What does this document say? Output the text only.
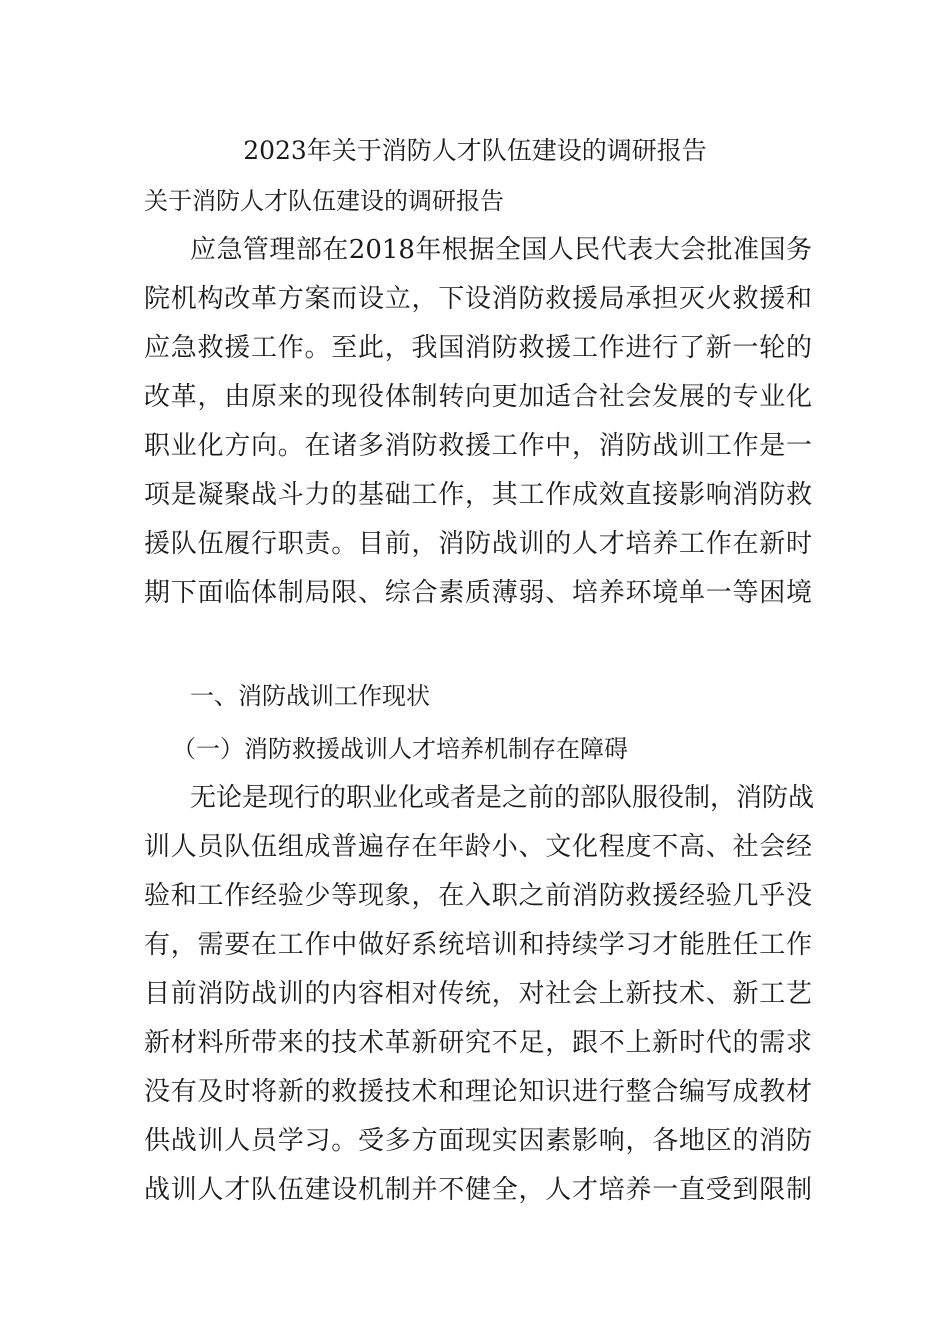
2023年关于消防人才队伍建设的调研报告
关于消防人才队伍建设的调研报告
应急管理部在2018年根据全国人民代表大会批准国务
院机构改革方案而设立，下设消防救援局承担灭火救援和
应急救援工作。至此，我国消防救援工作进行了新一轮的
改革，由原来的现役体制转向更加适合社会发展的专业化
职业化方向。在诸多消防救援工作中，消防战训工作是一
项是凝聚战斗力的基础工作，其工作成效直接影响消防救
援队伍履行职责。目前，消防战训的人才培养工作在新时
期下面临体制局限、综合素质薄弱、培养环境单一等困境
一、消防战训工作现状
（一）消防救援战训人才培养机制存在障碍
无论是现行的职业化或者是之前的部队服役制，消防战
训人员队伍组成普遍存在年龄小、文化程度不高、社会经
验和工作经验少等现象，在入职之前消防救援经验几乎没
有，需要在工作中做好系统培训和持续学习才能胜任工作
目前消防战训的内容相对传统，对社会上新技术、新工艺
新材料所带来的技术革新研究不足，跟不上新时代的需求
没有及时将新的救援技术和理论知识进行整合编写成教材
供战训人员学习。受多方面现实因素影响，各地区的消防
战训人才队伍建设机制并不健全，人才培养一直受到限制
